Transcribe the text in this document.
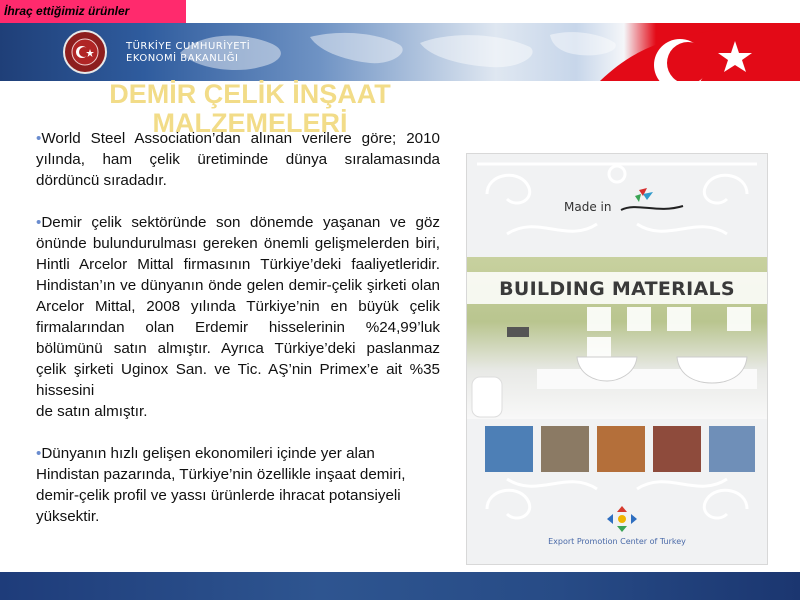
İhraç ettiğimiz ürünler
TÜRKİYE CUMHURİYETİ
EKONOMİ BAKANLIĞI
DEMİR ÇELİK İNŞAAT MALZEMELERİ

•World Steel Association’dan alınan verilere göre; 2010 yılında, ham çelik üretiminde dünya sıralamasında dördüncü sıradadır.

•Demir çelik sektöründe son dönemde yaşanan ve göz önünde bulundurulması gereken önemli gelişmelerden biri, Hintli Arcelor Mittal firmasının Türkiye’deki faaliyetleridir. Hindistan’ın ve dünyanın önde gelen demir-çelik şirketi olan Arcelor Mittal, 2008 yılında Türkiye’nin en büyük çelik firmalarından olan Erdemir hisselerinin %24,99’luk bölümünü satın almıştır. Ayrıca Türkiye’deki paslanmaz çelik şirketi Uginox San. ve Tic. AŞ’nin Primex’e ait %35 hissesini

de satın almıştır.

•Dünyanın hızlı gelişen ekonomileri içinde yer alan Hindistan pazarında, Türkiye’nin özellikle inşaat demiri, demir-çelik profil ve yassı ürünlerde ihracat potansiyeli yüksektir.

Made in
BUILDING MATERIALS
Export Promotion Center of Turkey
